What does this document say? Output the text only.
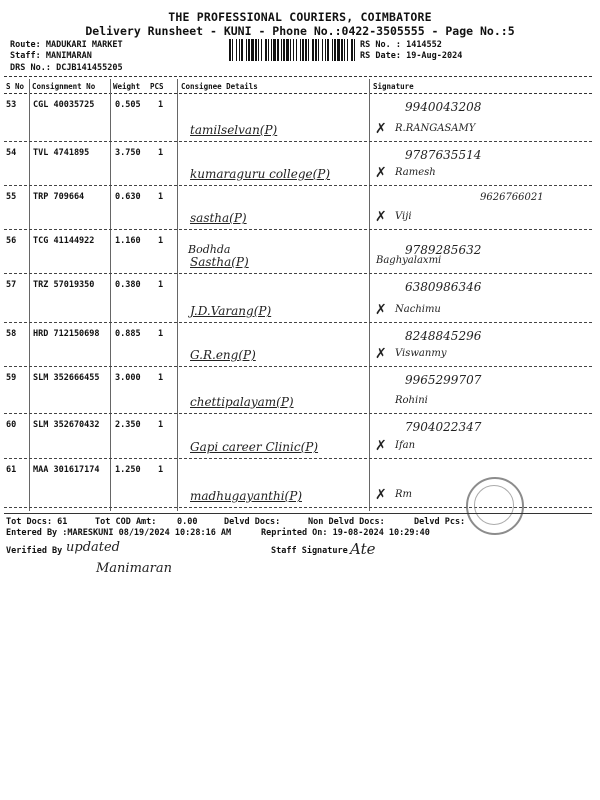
THE PROFESSIONAL COURIERS, COIMBATORE
Delivery Runsheet - KUNI - Phone No.:0422-3505555 - Page No.:5
Route: MADUKARI MARKET
Staff: MANIMARAN
DRS No.: DCJB141455205
RS No. : 1414552
RS Date: 19-Aug-2024
S No Consignment No Weight PCS Consignee Details	Signature
53 CGL 40035725 0.505 1
tamilselvan(P)
9940043208
R.RANGASAMY
✗
54 TVL 4741895	3.750 1
kumaraguru college(P)
9787635514
Ramesh
✗
55 TRP 709664	0.630 1
sastha(P)
9626766021
Viji
✗
56 TCG 41144922 1.160 1
Sastha(P)
Bodhda	9789285632
Baghyalaxmi
57 TRZ 57019350 0.380 1
J.D.Varang(P)
6380986346
Nachimu
✗
58 HRD 712150698 0.885 1
G.R.eng(P)
8248845296
Viswanmy
✗
59 SLM 352666455 3.000 1
chettipalayam(P)
9965299707
Rohini
60 SLM 352670432 2.350 1
Gapi career Clinic(P)
7904022347
Ifan
✗
61 MAA 301617174 1.250 1
madhugayanthi(P)	Rm
✗
Tot Docs: 61	Tot COD Amt: 0.00	Delvd Docs:	Non Delvd Docs:	Delvd Pcs:
Entered By :MARESKUNI 08/19/2024 10:28:16 AM	Reprinted On: 19-08-2024 10:29:40
Verified By updated
Manimaran
Staff Signature Ate
